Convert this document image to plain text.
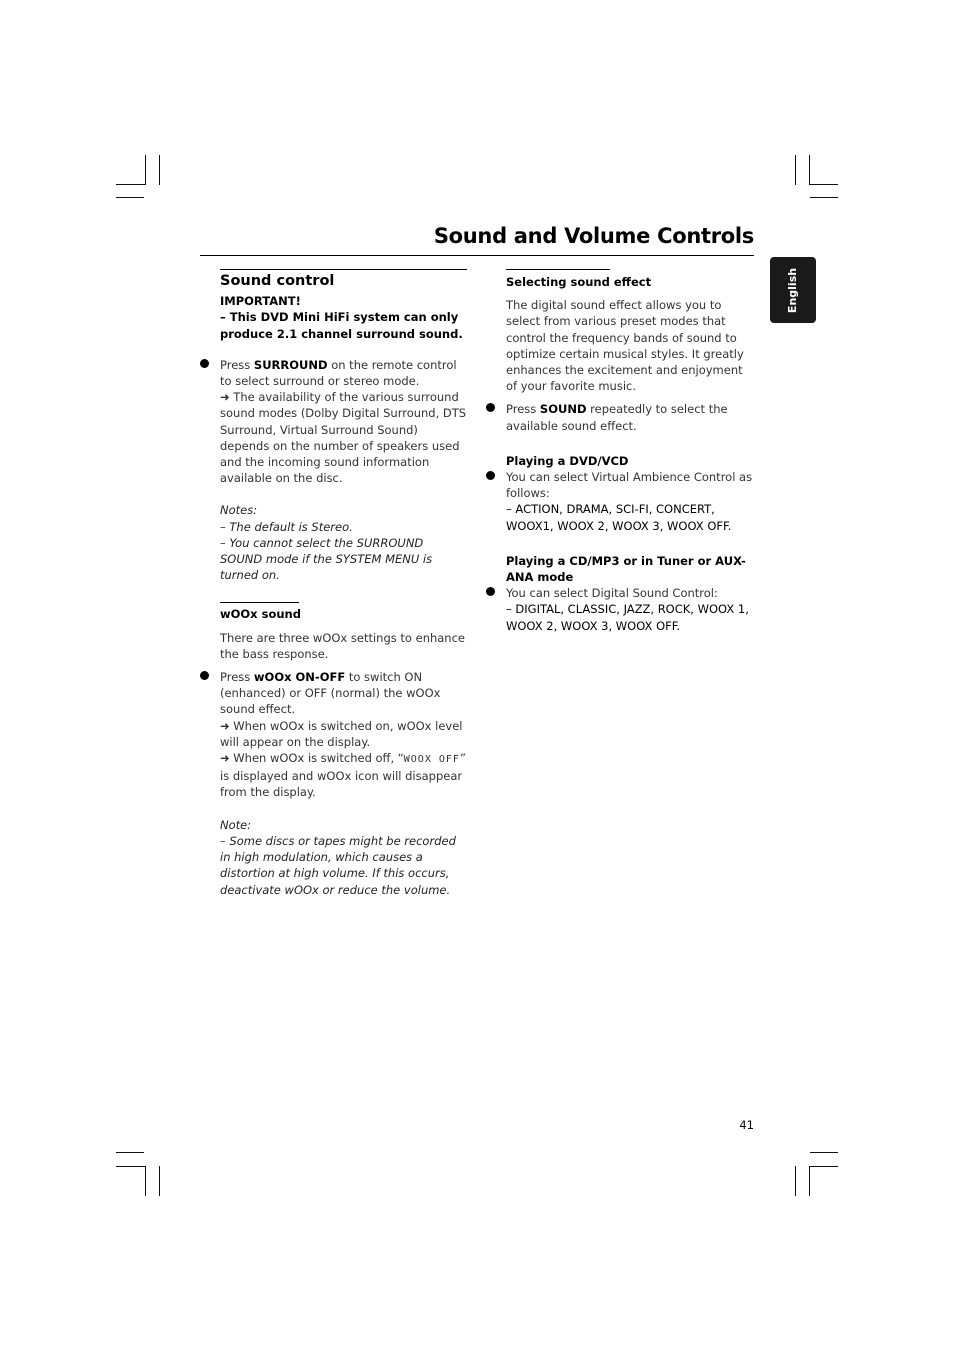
Sound and Volume Controls
English
Sound control

IMPORTANT!

– This DVD Mini HiFi system can only produce 2.1 channel surround sound.

Press SURROUND on the remote control to select surround or stereo mode.

➜ The availability of the various surround sound modes (Dolby Digital Surround, DTS Surround, Virtual Surround Sound) depends on the number of speakers used and the incoming sound information available on the disc.

Notes:

– The default is Stereo.

– You cannot select the SURROUND SOUND mode if the SYSTEM MENU is turned on.

wOOx sound

There are three wOOx settings to enhance the bass response.

Press wOOx ON-OFF to switch ON (enhanced) or OFF (normal) the wOOx sound effect.

➜ When wOOx is switched on, wOOx level will appear on the display.

➜ When wOOx is switched off, “WOOX OFF” is displayed and wOOx icon will disappear from the display.

Note:

– Some discs or tapes might be recorded in high modulation, which causes a distortion at high volume. If this occurs, deactivate wOOx or reduce the volume.

Selecting sound effect

The digital sound effect allows you to select from various preset modes that control the frequency bands of sound to optimize certain musical styles. It greatly enhances the excitement and enjoyment of your favorite music.

Press SOUND repeatedly to select the available sound effect.

Playing a DVD/VCD

You can select Virtual Ambience Control as follows:

– ACTION, DRAMA, SCI-FI, CONCERT, WOOX1, WOOX 2, WOOX 3, WOOX OFF.

Playing a CD/MP3 or in Tuner or AUX-ANA mode

You can select Digital Sound Control:

– DIGITAL, CLASSIC, JAZZ, ROCK, WOOX 1, WOOX 2, WOOX 3, WOOX OFF.

41
